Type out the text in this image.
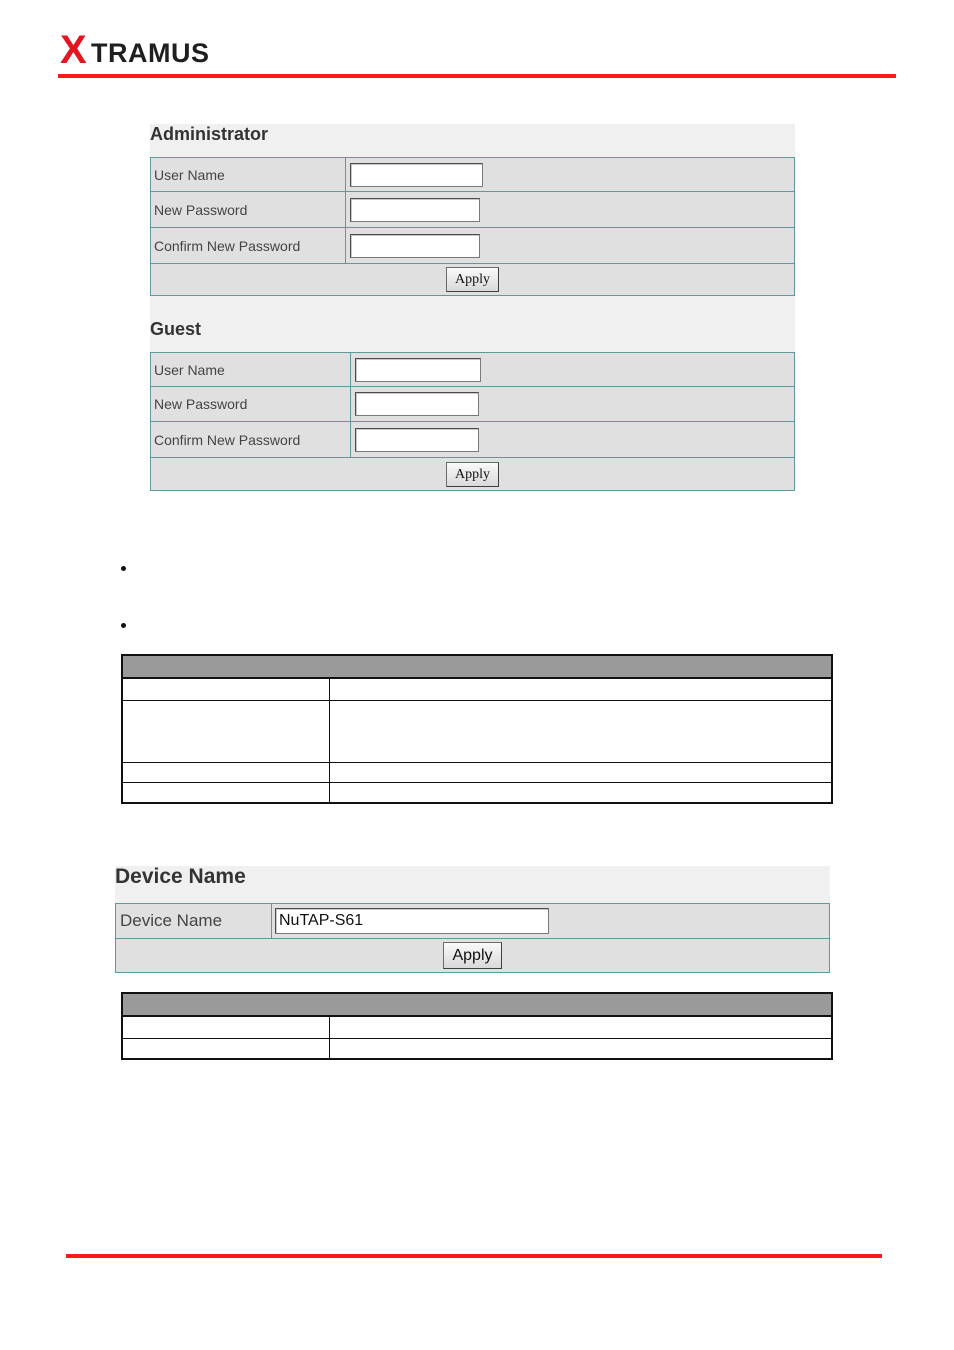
X TRAMUS
Administrator
User Name	
New Password	
Confirm New Password	
Apply	
Guest
User Name	
New Password	
Confirm New Password	
Apply	

Device Name
Device Name	NuTAP-S61
Apply
